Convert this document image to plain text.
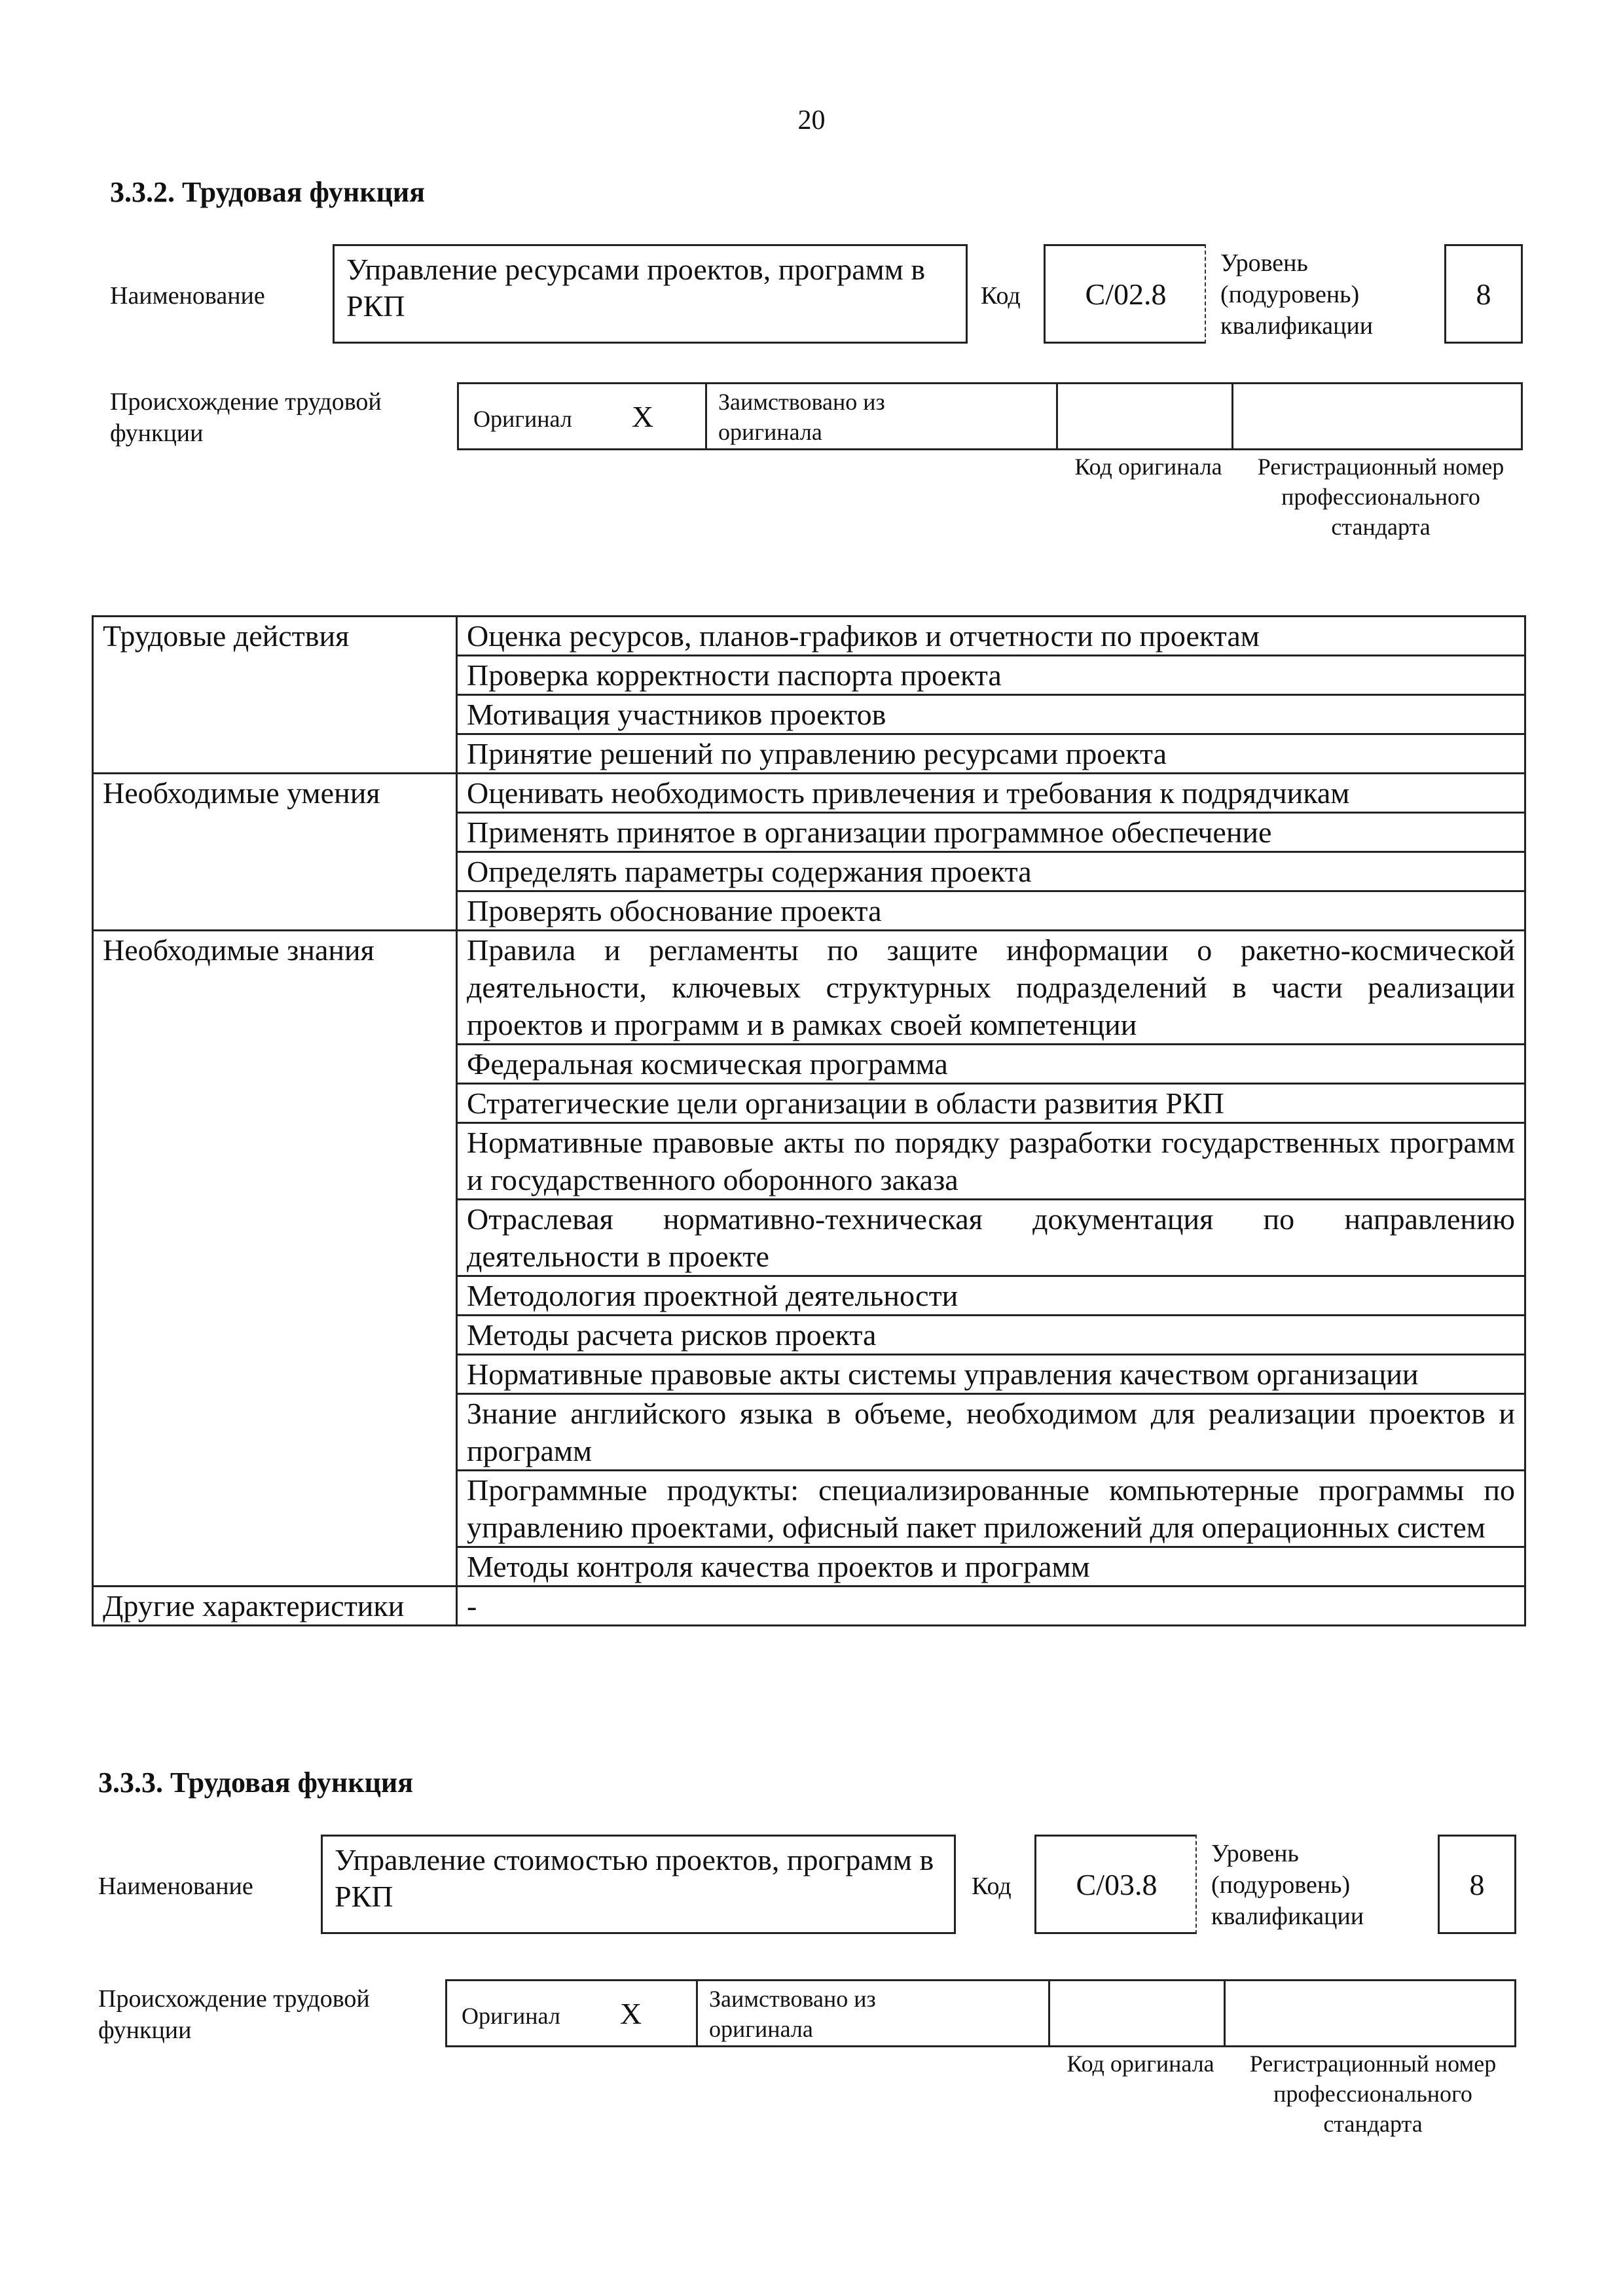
20
3.3.2. Трудовая функция
Наименование
Управление ресурсами проектов, программ в РКП	Код	С/02.8
Уровень (подуровень) квалификации
8
Происхождение трудовой функции
Оригинал X	Заимствовано из оригинала
Код оригинала	Регистрационный номер профессионального стандарта
Трудовые действия	Оценка ресурсов, планов-графиков и отчетности по проектам
	Проверка корректности паспорта проекта
	Мотивация участников проектов
	Принятие решений по управлению ресурсами проекта
Необходимые умения	Оценивать необходимость привлечения и требования к подрядчикам
	Применять принятое в организации программное обеспечение
	Определять параметры содержания проекта
	Проверять обоснование проекта
Необходимые знания	Правила и регламенты по защите информации о ракетно-космической деятельности, ключевых структурных подразделений в части реализации проектов и программ и в рамках своей компетенции
	Федеральная космическая программа
	Стратегические цели организации в области развития РКП
	Нормативные правовые акты по порядку разработки государственных программ и государственного оборонного заказа
	Отраслевая нормативно-техническая документация по направлению деятельности в проекте
	Методология проектной деятельности
	Методы расчета рисков проекта
	Нормативные правовые акты системы управления качеством организации
	Знание английского языка в объеме, необходимом для реализации проектов и программ
	Программные продукты: специализированные компьютерные программы по управлению проектами, офисный пакет приложений для операционных систем
	Методы контроля качества проектов и программ
Другие характеристики	-
3.3.3. Трудовая функция
Наименование
Управление стоимостью проектов, программ в РКП	Код	С/03.8
Уровень (подуровень) квалификации
8
Происхождение трудовой функции
Оригинал X	Заимствовано из оригинала
Код оригинала	Регистрационный номер профессионального стандарта
